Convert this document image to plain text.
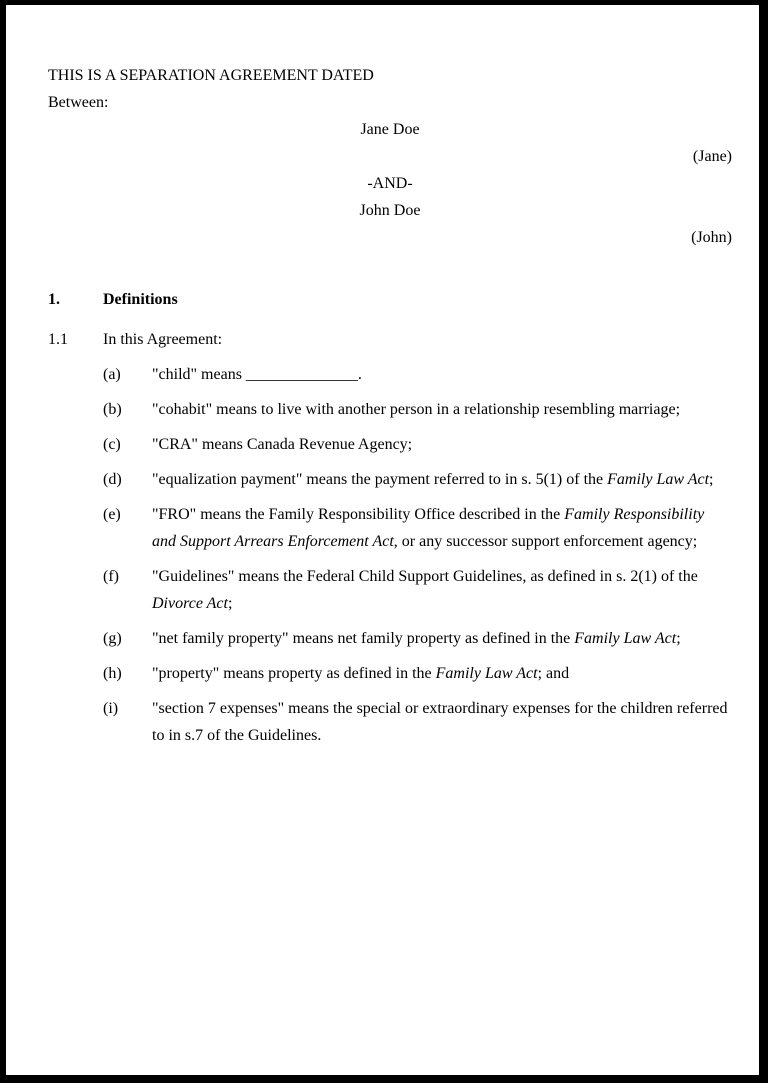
THIS IS A SEPARATION AGREEMENT DATED

Between:

Jane Doe

(Jane)

-AND-

John Doe

(John)

1.	Definitions
1.1	In this Agreement:
(a)	"child" means ______________.
(b)	"cohabit" means to live with another person in a relationship resembling marriage;
(c)	"CRA" means Canada Revenue Agency;
(d)	"equalization payment" means the payment referred to in s. 5(1) of the Family Law Act;
(e)	"FRO" means the Family Responsibility Office described in the Family Responsibility and Support Arrears Enforcement Act, or any successor support enforcement agency;
(f)	"Guidelines" means the Federal Child Support Guidelines, as defined in s. 2(1) of the Divorce Act;
(g)	"net family property" means net family property as defined in the Family Law Act;
(h)	"property" means property as defined in the Family Law Act; and
(i)	"section 7 expenses" means the special or extraordinary expenses for the children referred to in s.7 of the Guidelines.
